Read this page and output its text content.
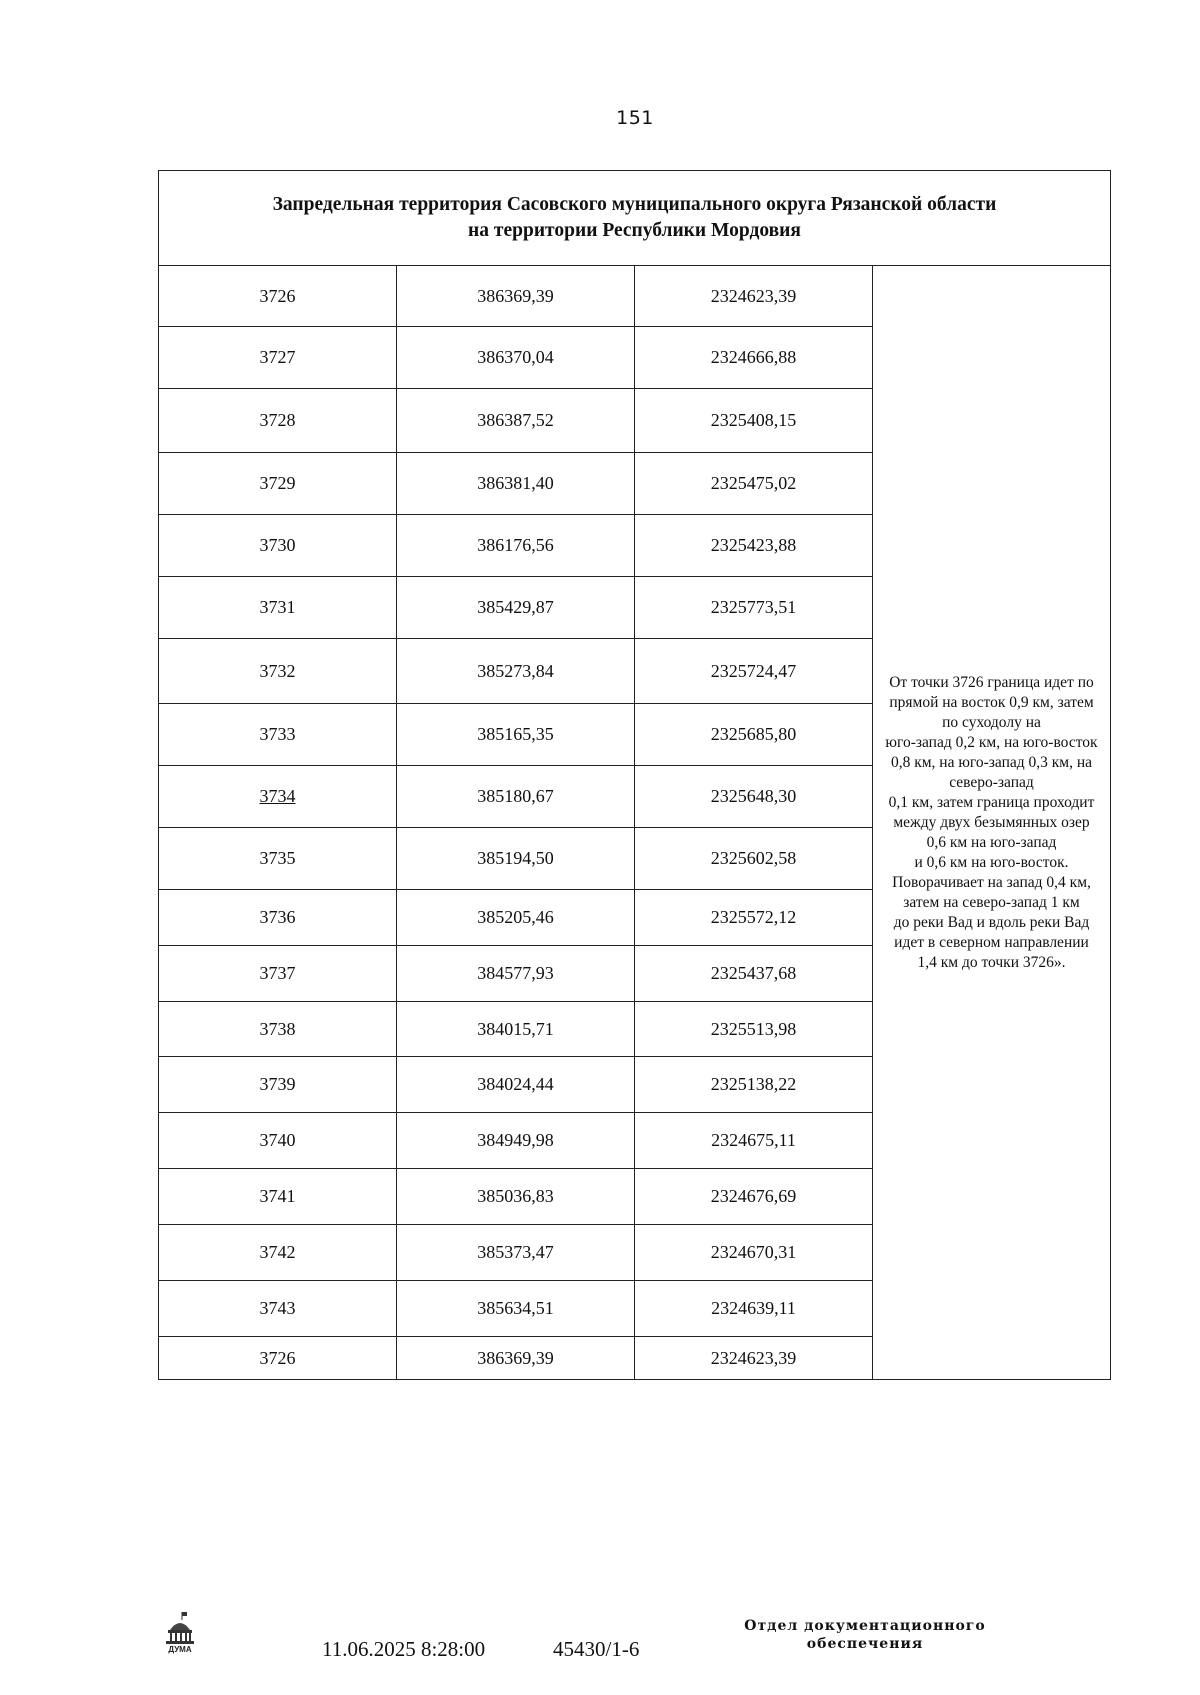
151
Запредельная территория Сасовского муниципального округа Рязанской области
на территории Республики Мордовия			

3726	386369,39	2324623,39	От точки 3726 граница идет по прямой на восток 0,9 км, затем по суходолу на
юго-запад 0,2 км, на юго-восток 0,8 км, на юго-запад 0,3 км, на северо-запад
0,1 км, затем граница проходит между двух безымянных озер 0,6 км на юго-запад
и 0,6 км на юго-восток. Поворачивает на запад 0,4 км, затем на северо-запад 1 км
до реки Вад и вдоль реки Вад идет в северном направлении 1,4 км до точки 3726».

3727	386370,04	2324666,88	
3728	386387,52	2325408,15	
3729	386381,40	2325475,02	
3730	386176,56	2325423,88	
3731	385429,87	2325773,51	
3732	385273,84	2325724,47	
3733	385165,35	2325685,80	
3734	385180,67	2325648,30	
3735	385194,50	2325602,58	
3736	385205,46	2325572,12	
3737	384577,93	2325437,68	
3738	384015,71	2325513,98	
3739	384024,44	2325138,22	
3740	384949,98	2324675,11	
3741	385036,83	2324676,69	
3742	385373,47	2324670,31	
3743	385634,51	2324639,11	
3726	386369,39	2324623,39	
ДУМА	11.06.2025 8:28:00	45430/1-6
Отдел документационного
обеспечения
